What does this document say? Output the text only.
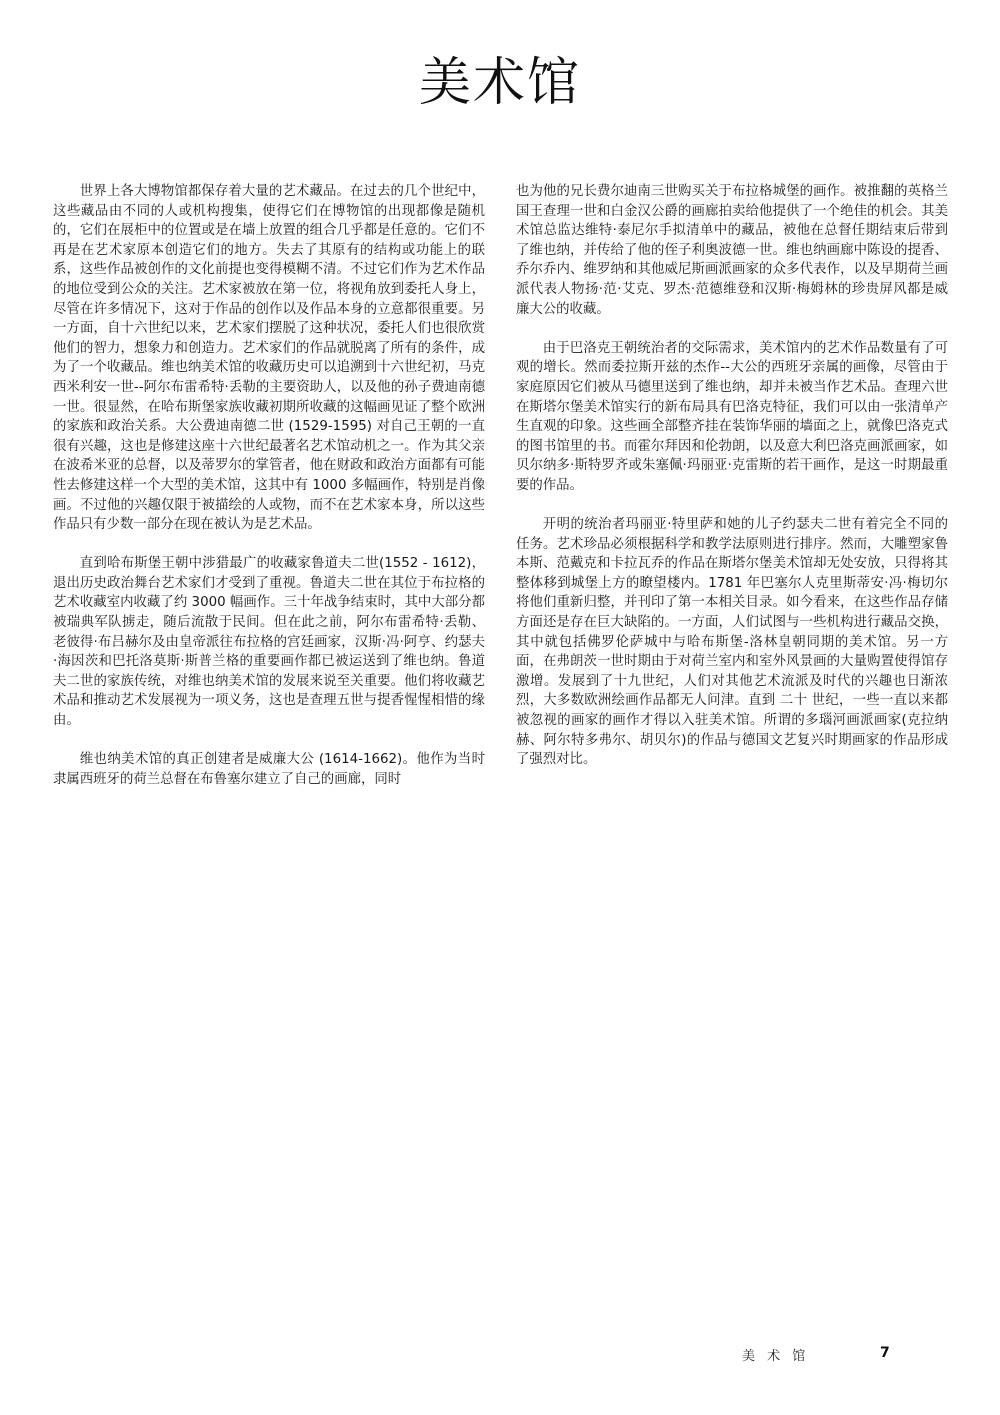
美术馆

世界上各大博物馆都保存着大量的艺术藏品。在过去的几个世纪中，这些藏品由不同的人或机构搜集，使得它们在博物馆的出现都像是随机的，它们在展柜中的位置或是在墙上放置的组合几乎都是任意的。它们不再是在艺术家原本创造它们的地方。失去了其原有的结构或功能上的联系，这些作品被创作的文化前提也变得模糊不清。不过它们作为艺术作品的地位受到公众的关注。艺术家被放在第一位，将视角放到委托人身上，尽管在许多情况下，这对于作品的创作以及作品本身的立意都很重要。另一方面，自十六世纪以来，艺术家们摆脱了这种状况，委托人们也很欣赏他们的智力，想象力和创造力。艺术家们的作品就脱离了所有的条件，成为了一个收藏品。维也纳美术馆的收藏历史可以追溯到十六世纪初，马克西米利安一世--阿尔布雷希特·丢勒的主要资助人，以及他的孙子费迪南德一世。很显然，在哈布斯堡家族收藏初期所收藏的这幅画见证了整个欧洲的家族和政治关系。大公费迪南德二世 (1529-1595) 对自己王朝的一直很有兴趣，这也是修建这座十六世纪最著名艺术馆动机之一。作为其父亲在波希米亚的总督，以及蒂罗尔的掌管者，他在财政和政治方面都有可能性去修建这样一个大型的美术馆，这其中有 1000 多幅画作，特别是肖像画。不过他的兴趣仅限于被描绘的人或物，而不在艺术家本身，所以这些作品只有少数一部分在现在被认为是艺术品。

直到哈布斯堡王朝中涉猎最广的收藏家鲁道夫二世(1552 - 1612)，退出历史政治舞台艺术家们才受到了重视。鲁道夫二世在其位于布拉格的艺术收藏室内收藏了约 3000 幅画作。三十年战争结束时，其中大部分都被瑞典军队掳走，随后流散于民间。但在此之前，阿尔布雷希特·丢勒、老彼得·布吕赫尔及由皇帝派往布拉格的宫廷画家，汉斯·冯·阿亨、约瑟夫·海因茨和巴托洛莫斯·斯普兰格的重要画作都已被运送到了维也纳。鲁道夫二世的家族传统，对维也纳美术馆的发展来说至关重要。他们将收藏艺术品和推动艺术发展视为一项义务，这也是查理五世与提香惺惺相惜的缘由。

维也纳美术馆的真正创建者是威廉大公 (1614-1662)。他作为当时隶属西班牙的荷兰总督在布鲁塞尔建立了自己的画廊，同时

也为他的兄长费尔迪南三世购买关于布拉格城堡的画作。被推翻的英格兰国王查理一世和白金汉公爵的画廊拍卖给他提供了一个绝佳的机会。其美术馆总监达维特·泰尼尔手拟清单中的藏品，被他在总督任期结束后带到了维也纳，并传给了他的侄子利奥波德一世。维也纳画廊中陈设的提香、乔尔乔内、维罗纳和其他威尼斯画派画家的众多代表作，以及早期荷兰画派代表人物扬·范·艾克、罗杰·范德维登和汉斯·梅姆林的珍贵屏风都是威廉大公的收藏。

由于巴洛克王朝统治者的交际需求，美术馆内的艺术作品数量有了可观的增长。然而委拉斯开兹的杰作--大公的西班牙亲属的画像，尽管由于家庭原因它们被从马德里送到了维也纳，却并未被当作艺术品。查理六世在斯塔尔堡美术馆实行的新布局具有巴洛克特征，我们可以由一张清单产生直观的印象。这些画全部整齐挂在装饰华丽的墙面之上，就像巴洛克式的图书馆里的书。而霍尔拜因和伦勃朗，以及意大利巴洛克画派画家，如贝尔纳多·斯特罗齐或朱塞佩·玛丽亚·克雷斯的若干画作，是这一时期最重要的作品。

开明的统治者玛丽亚·特里萨和她的儿子约瑟夫二世有着完全不同的任务。艺术珍品必须根据科学和教学法原则进行排序。然而，大雕塑家鲁本斯、范戴克和卡拉瓦乔的作品在斯塔尔堡美术馆却无处安放，只得将其整体移到城堡上方的瞭望楼内。1781 年巴塞尔人克里斯蒂安·冯·梅切尔将他们重新归整，并刊印了第一本相关目录。如今看来，在这些作品存储方面还是存在巨大缺陷的。一方面，人们试图与一些机构进行藏品交换，其中就包括佛罗伦萨城中与哈布斯堡-洛林皇朝同期的美术馆。另一方面，在弗朗茨一世时期由于对荷兰室内和室外风景画的大量购置使得馆存激增。发展到了十九世纪，人们对其他艺术流派及时代的兴趣也日渐浓烈，大多数欧洲绘画作品都无人问津。直到 二十 世纪，一些一直以来都被忽视的画家的画作才得以入驻美术馆。所谓的多瑙河画派画家(克拉纳赫、阿尔特多弗尔、胡贝尔)的作品与德国文艺复兴时期画家的作品形成了强烈对比。

美 术 馆	7
